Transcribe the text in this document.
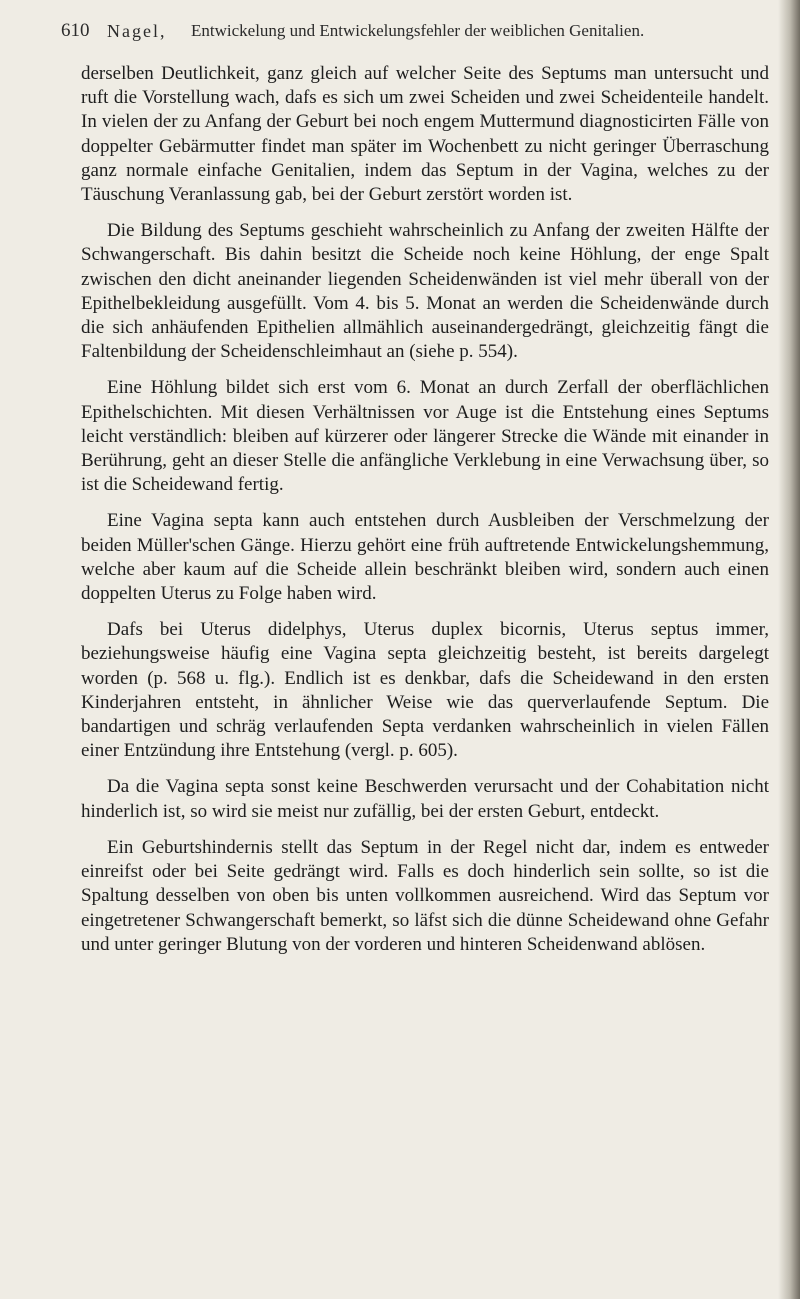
610 Nagel, Entwickelung und Entwickelungsfehler der weiblichen Genitalien.

derselben Deutlichkeit, ganz gleich auf welcher Seite des Septums man untersucht und ruft die Vorstellung wach, dafs es sich um zwei Scheiden und zwei Scheidenteile handelt. In vielen der zu Anfang der Geburt bei noch engem Muttermund diagnosticirten Fälle von doppelter Gebärmutter findet man später im Wochenbett zu nicht geringer Überraschung ganz normale einfache Genitalien, indem das Septum in der Vagina, welches zu der Täuschung Veranlassung gab, bei der Geburt zerstört worden ist.

Die Bildung des Septums geschieht wahrscheinlich zu Anfang der zweiten Hälfte der Schwangerschaft. Bis dahin besitzt die Scheide noch keine Höhlung, der enge Spalt zwischen den dicht aneinander liegenden Scheidenwänden ist viel mehr überall von der Epithelbekleidung ausgefüllt. Vom 4. bis 5. Monat an werden die Scheidenwände durch die sich anhäufenden Epithelien allmählich auseinandergedrängt, gleichzeitig fängt die Faltenbildung der Scheidenschleimhaut an (siehe p. 554).

Eine Höhlung bildet sich erst vom 6. Monat an durch Zerfall der oberflächlichen Epithelschichten. Mit diesen Verhältnissen vor Auge ist die Entstehung eines Septums leicht verständlich: bleiben auf kürzerer oder längerer Strecke die Wände mit einander in Berührung, geht an dieser Stelle die anfängliche Verklebung in eine Verwachsung über, so ist die Scheidewand fertig.

Eine Vagina septa kann auch entstehen durch Ausbleiben der Verschmelzung der beiden Müller'schen Gänge. Hierzu gehört eine früh auftretende Entwickelungshemmung, welche aber kaum auf die Scheide allein beschränkt bleiben wird, sondern auch einen doppelten Uterus zu Folge haben wird.

Dafs bei Uterus didelphys, Uterus duplex bicornis, Uterus septus immer, beziehungsweise häufig eine Vagina septa gleichzeitig besteht, ist bereits dargelegt worden (p. 568 u. flg.). Endlich ist es denkbar, dafs die Scheidewand in den ersten Kinderjahren entsteht, in ähnlicher Weise wie das querverlaufende Septum. Die bandartigen und schräg verlaufenden Septa verdanken wahrscheinlich in vielen Fällen einer Entzündung ihre Entstehung (vergl. p. 605).

Da die Vagina septa sonst keine Beschwerden verursacht und der Cohabitation nicht hinderlich ist, so wird sie meist nur zufällig, bei der ersten Geburt, entdeckt.

Ein Geburtshindernis stellt das Septum in der Regel nicht dar, indem es entweder einreifst oder bei Seite gedrängt wird. Falls es doch hinderlich sein sollte, so ist die Spaltung desselben von oben bis unten vollkommen ausreichend. Wird das Septum vor eingetretener Schwangerschaft bemerkt, so läfst sich die dünne Scheidewand ohne Gefahr und unter geringer Blutung von der vorderen und hinteren Scheidenwand ablösen.
